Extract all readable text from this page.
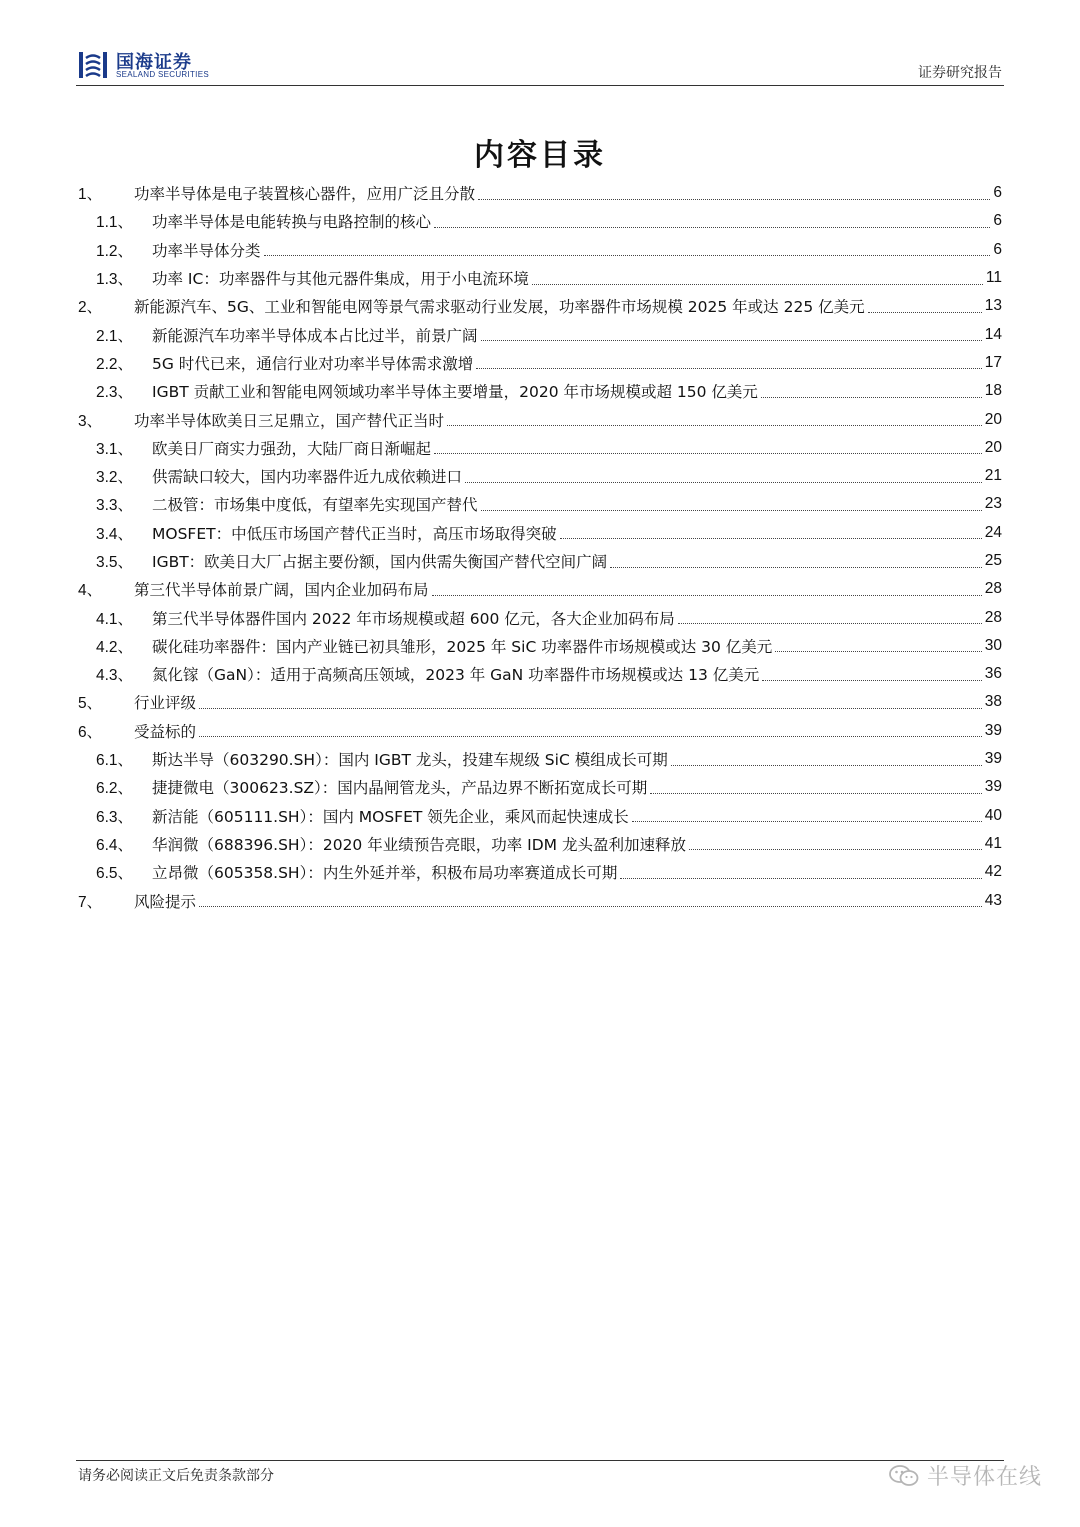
国海证券
SEALAND SECURITIES	证券研究报告
内容目录
1、	功率半导体是电子装置核心器件，应用广泛且分散	6
1.1、	功率半导体是电能转换与电路控制的核心	6
1.2、	功率半导体分类	6
1.3、	功率 IC：功率器件与其他元器件集成，用于小电流环境	11
2、	新能源汽车、5G、工业和智能电网等景气需求驱动行业发展，功率器件市场规模 2025 年或达 225 亿美元	13
2.1、	新能源汽车功率半导体成本占比过半，前景广阔	14
2.2、	5G 时代已来，通信行业对功率半导体需求激增	17
2.3、	IGBT 贡献工业和智能电网领域功率半导体主要增量，2020 年市场规模或超 150 亿美元	18
3、	功率半导体欧美日三足鼎立，国产替代正当时	20
3.1、	欧美日厂商实力强劲，大陆厂商日渐崛起	20
3.2、	供需缺口较大，国内功率器件近九成依赖进口	21
3.3、	二极管：市场集中度低，有望率先实现国产替代	23
3.4、	MOSFET：中低压市场国产替代正当时，高压市场取得突破	24
3.5、	IGBT：欧美日大厂占据主要份额，国内供需失衡国产替代空间广阔	25
4、	第三代半导体前景广阔，国内企业加码布局	28
4.1、	第三代半导体器件国内 2022 年市场规模或超 600 亿元，各大企业加码布局	28
4.2、	碳化硅功率器件：国内产业链已初具雏形，2025 年 SiC 功率器件市场规模或达 30 亿美元	30
4.3、	氮化镓（GaN）：适用于高频高压领域，2023 年 GaN 功率器件市场规模或达 13 亿美元	36
5、	行业评级	38
6、	受益标的	39
6.1、	斯达半导（603290.SH）：国内 IGBT 龙头，投建车规级 SiC 模组成长可期	39
6.2、	捷捷微电（300623.SZ）：国内晶闸管龙头，产品边界不断拓宽成长可期	39
6.3、	新洁能（605111.SH）：国内 MOSFET 领先企业，乘风而起快速成长	40
6.4、	华润微（688396.SH）：2020 年业绩预告亮眼，功率 IDM 龙头盈利加速释放	41
6.5、	立昂微（605358.SH）：内生外延并举，积极布局功率赛道成长可期	42
7、	风险提示	43
请务必阅读正文后免责条款部分	半导体在线
